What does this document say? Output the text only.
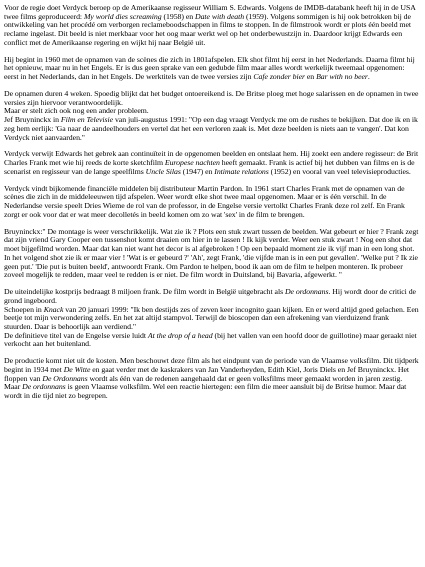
Voor de regie doet Verdyck beroep op de Amerikaanse regisseur William S. Edwards. Volgens de IMDB-databank heeft hij in de USA twee films geproduceerd: My world dies screaming (1958) en Date with death (1959). Volgens sommigen is hij ook betrokken bij de ontwikkeling van het procédé om verborgen reclameboodschappen in films te stoppen. In de filmstrook wordt er plots één beeld met reclame ingelast. Dit beeld is niet merkbaar voor het oog maar werkt wel op het onderbewustzijn in. Daardoor krijgt Edwards een conflict met de Amerikaanse regering en wijkt hij naar België uit.

Hij begint in 1960 met de opnamen van de scènes die zich in 1801afspelen. Elk shot filmt hij eerst in het Nederlands. Daarna filmt hij het opnieuw, maar nu in het Engels. Er is dus geen sprake van een gedubde film maar alles wordt werkelijk tweemaal opgenomen: eerst in het Nederlands, dan in het Engels. De werktitels van de twee versies zijn Cafe zonder bier en Bar with no beer.

De opnamen duren 4 weken. Spoedig blijkt dat het budget ontoereikend is. De Britse ploeg met hoge salarissen en de opnamen in twee versies zijn hiervoor verantwoordelijk.
Maar er stelt zich ook nog een ander probleem.
Jef Bruyninckx in Film en Televisie van juli-augustus 1991: "Op een dag vraagt Verdyck me om de rushes te bekijken. Dat doe ik en ik zeg hem eerlijk: 'Ga naar de aandeelhouders en vertel dat het een verloren zaak is. Met deze beelden is niets aan te vangen'. Dat kon Verdyck niet aanvaarden."

Verdyck verwijt Edwards het gebrek aan continuïteit in de opgenomen beelden en ontslaat hem. Hij zoekt een andere regisseur: de Brit Charles Frank met wie hij reeds de korte sketchfilm Europese nachten heeft gemaakt. Frank is actief bij het dubben van films en is de scenarist en regisseur van de lange speelfilms Uncle Silas (1947) en Intimate relations (1952) en vooral van veel televisieproducties.

Verdyck vindt bijkomende financiële middelen bij distributeur Martin Pardon. In 1961 start Charles Frank met de opnamen van de scènes die zich in de middeleeuwen tijd afspelen. Weer wordt elke shot twee maal opgenomen. Maar er is één verschil. In de Nederlandse versie speelt Dries Wieme de rol van de professor, in de Engelse versie vertolkt Charles Frank deze rol zelf. En Frank zorgt er ook voor dat er wat meer decolletés in beeld komen om zo wat 'sex' in de film te brengen.

Bruyninckx:" De montage is weer verschrikkelijk. Wat zie ik ? Plots een stuk zwart tussen de beelden. Wat gebeurt er hier ? Frank zegt dat zijn vriend Gary Cooper een tussenshot komt draaien om hier in te lassen ! Ik kijk verder. Weer een stuk zwart ! Nog een shot dat moet bijgefilmd worden. Maar dat kan niet want het decor is al afgebroken ! Op een bepaald moment zie ik vijf man in een long shot. In het volgend shot zie ik er maar vier ! 'Wat is er gebeurd ?' 'Ah', zegt Frank, 'die vijfde man is in een put gevallen'. 'Welke put ? Ik zie geen put.' 'Die put is buiten beeld', antwoordt Frank. Om Pardon te helpen, bood ik aan om de film te helpen monteren. Ik probeer zoveel mogelijk te redden, maar veel te redden is er niet. De film wordt in Duitsland, bij Bavaria, afgewerkt. "

De uiteindelijke kostprijs bedraagt 8 miljoen frank. De film wordt in België uitgebracht als De ordonnans. Hij wordt door de critici de grond ingeboord.
Schoepen in Knack van 20 januari 1999: "Ik ben destijds zes of zeven keer incognito gaan kijken. En er werd altijd goed gelachen. Een beetje tot mijn verwondering zelfs. En het zat altijd stampvol. Terwijl de bioscopen dan een afrekening van vierduizend frank stuurden. Daar is behoorlijk aan verdiend."
De definitieve titel van de Engelse versie luidt At the drop of a head (bij het vallen van een hoofd door de guillotine) maar geraakt niet verkocht aan het buitenland.

De productie komt niet uit de kosten. Men beschouwt deze film als het eindpunt van de periode van de Vlaamse volksfilm. Dit tijdperk begint in 1934 met De Witte en gaat verder met de kaskrakers van Jan Vanderheyden, Edith Kiel, Joris Diels en Jef Bruyninckx. Het floppen van De Ordonnans wordt als één van de redenen aangehaald dat er geen volksfilms meer gemaakt worden in jaren zestig. Maar De ordonnans is geen Vlaamse volksfilm. Wel een reactie hiertegen: een film die meer aansluit bij de Britse humor. Maar dat wordt in die tijd niet zo begrepen.
